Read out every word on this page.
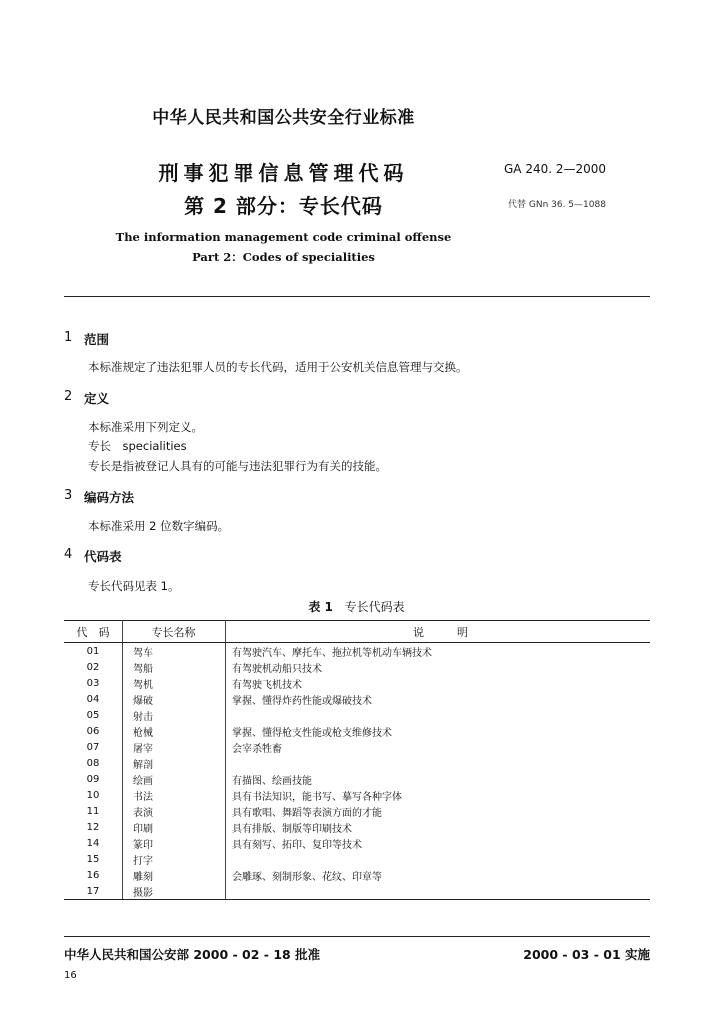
中华人民共和国公共安全行业标准
刑事犯罪信息管理代码
第 2 部分：专长代码
GA 240. 2—2000
代替 GNn 36. 5—1088
The information management code criminal offense
Part 2：Codes of specialities
1 范围
本标准规定了违法犯罪人员的专长代码，适用于公安机关信息管理与交换。
2 定义
本标准采用下列定义。
专长　specialities
专长是指被登记人具有的可能与违法犯罪行为有关的技能。
3 编码方法
本标准采用 2 位数字编码。
4 代码表
专长代码见表 1。
表 1 专长代码表
代　码	专长名称	说　　　明
01	驾车	有驾驶汽车、摩托车、拖拉机等机动车辆技术
02	驾船	有驾驶机动船只技术
03	驾机	有驾驶飞机技术
04	爆破	掌握、懂得炸药性能或爆破技术
05	射击	
06	枪械	掌握、懂得枪支性能或枪支维修技术
07	屠宰	会宰杀牲畜
08	解剖	
09	绘画	有描图、绘画技能
10	书法	具有书法知识，能书写、摹写各种字体
11	表演	具有歌唱、舞蹈等表演方面的才能
12	印刷	具有排版、制版等印刷技术
14	篆印	具有刻写、拓印、复印等技术
15	打字	
16	雕刻	会雕琢、刻制形象、花纹、印章等
17	摄影	
中华人民共和国公安部 2000 - 02 - 18 批准	2000 - 03 - 01 实施
16
